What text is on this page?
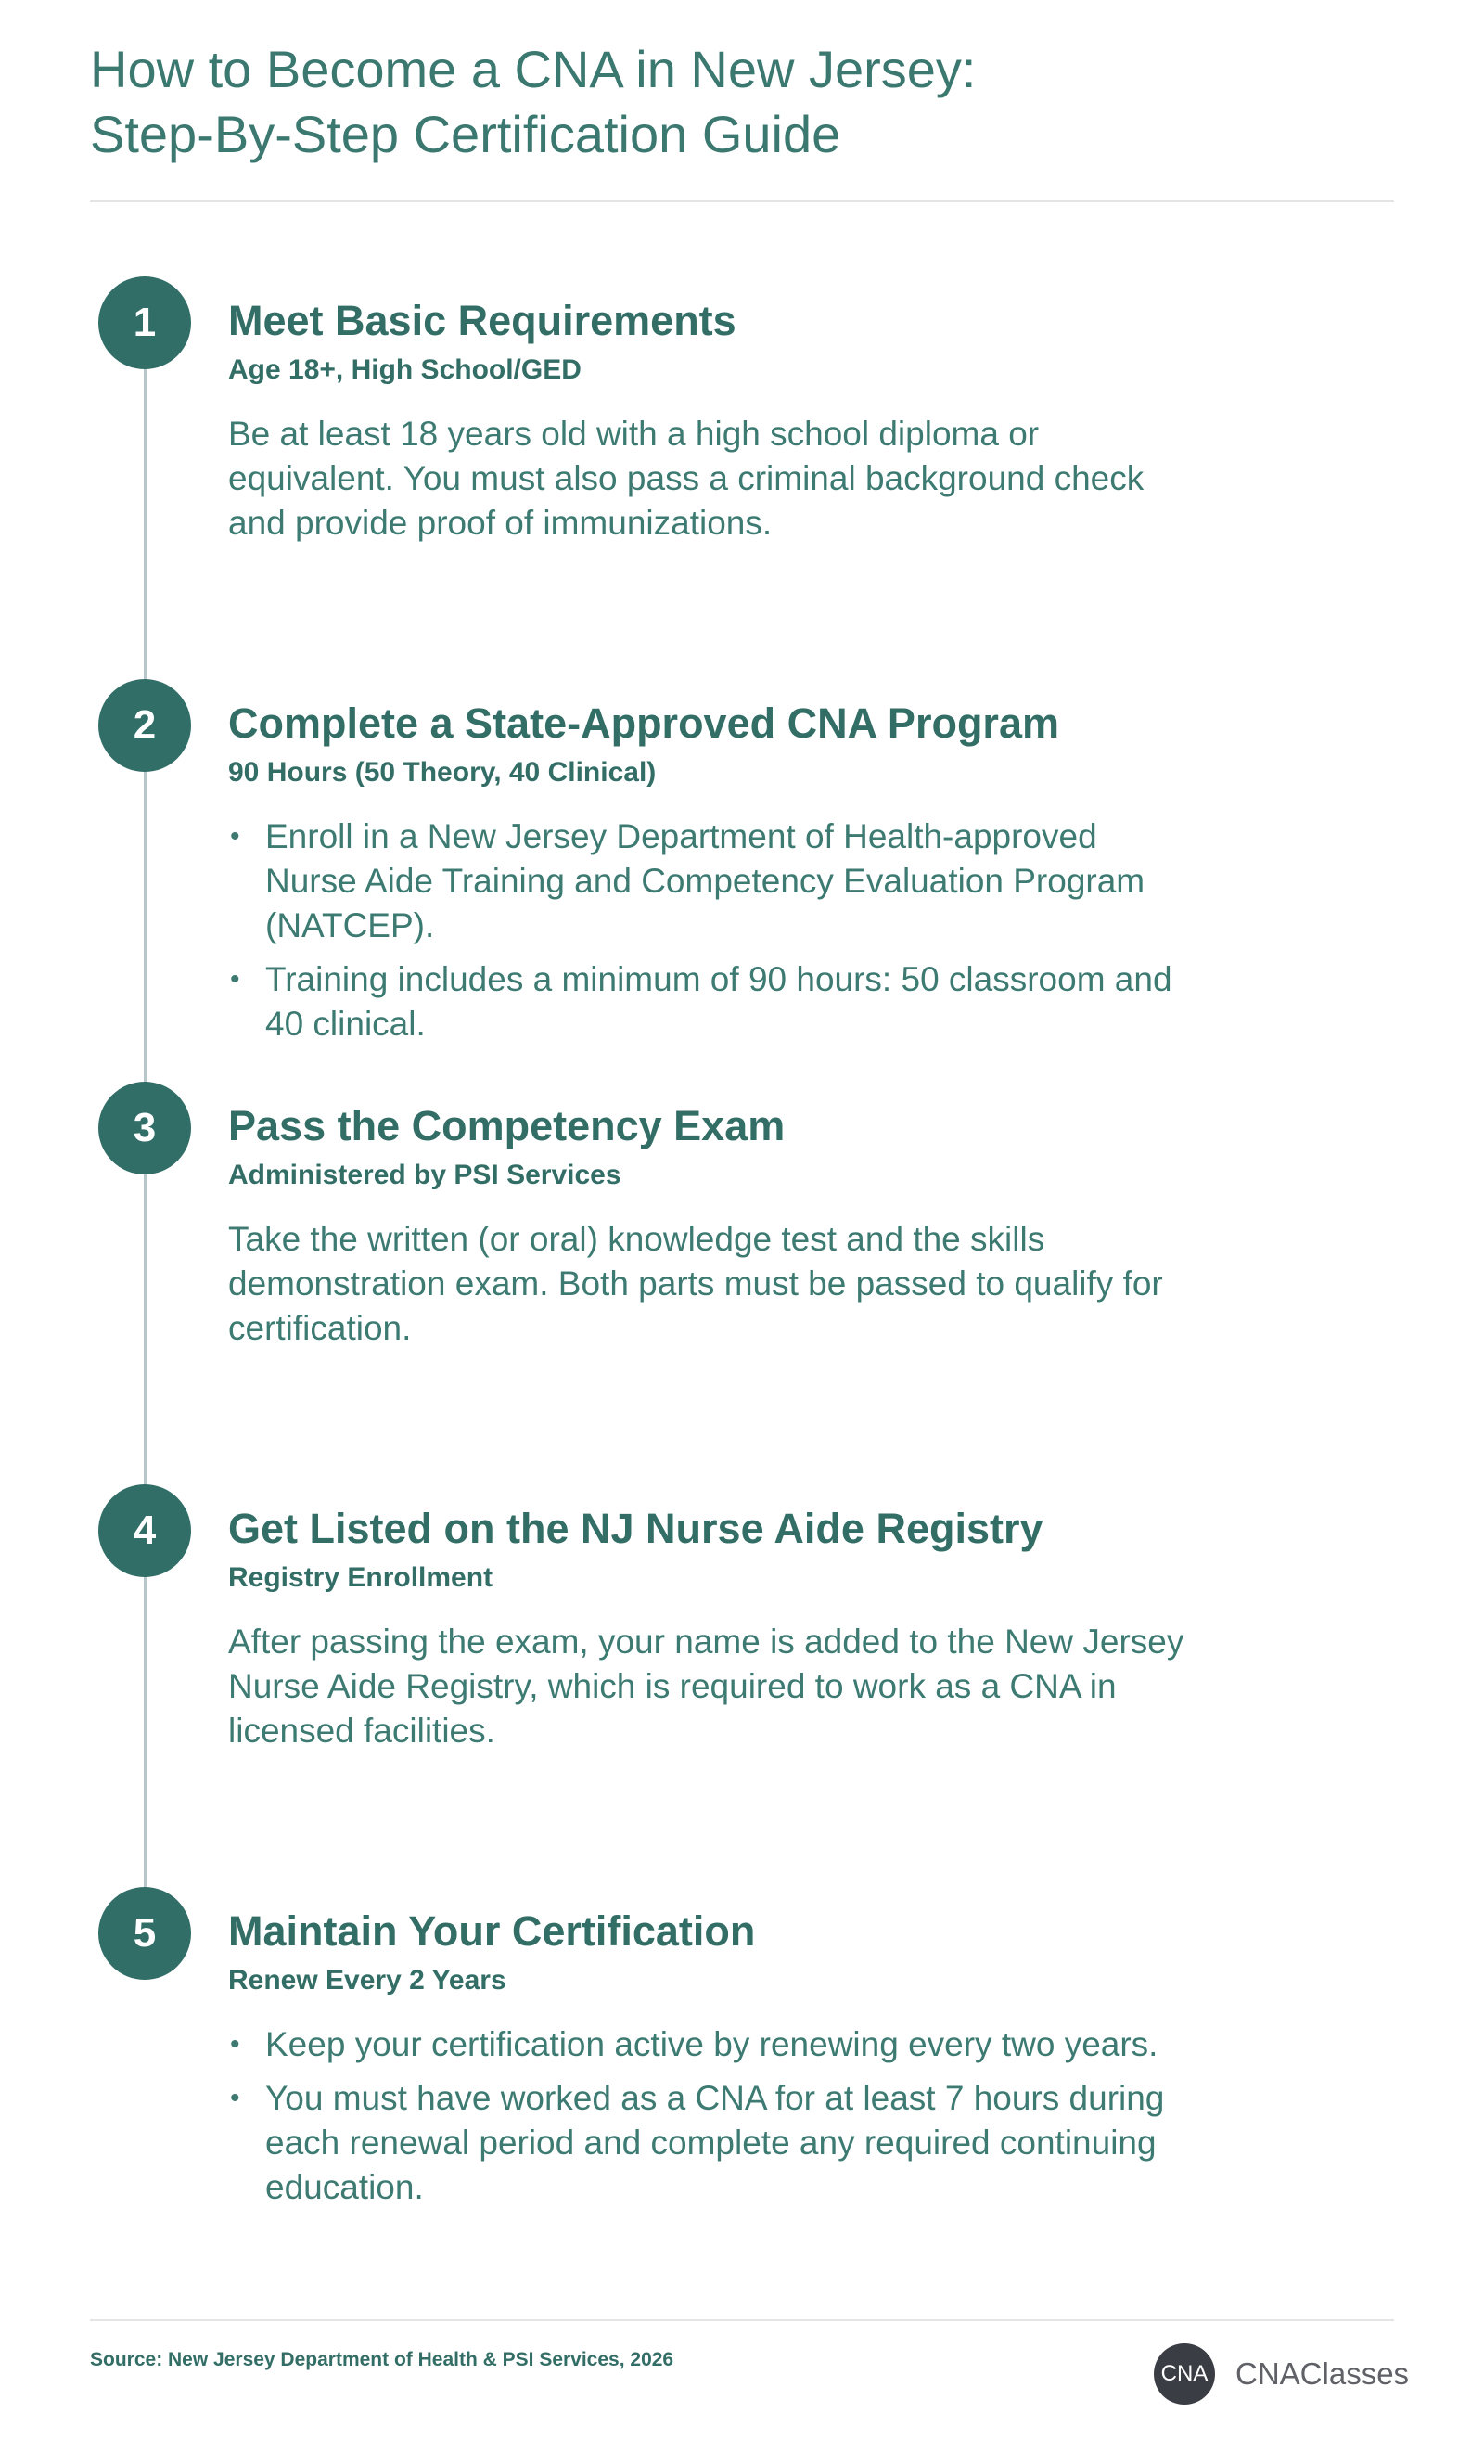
How to Become a CNA in New Jersey:
Step-By-Step Certification Guide
1	Meet Basic Requirements
Age 18+, High School/GED

Be at least 18 years old with a high school diploma or equivalent. You must also pass a criminal background check and provide proof of immunizations.

2	Complete a State-Approved CNA Program
90 Hours (50 Theory, 40 Clinical)
• Enroll in a New Jersey Department of Health-approved Nurse Aide Training and Competency Evaluation Program (NATCEP).
• Training includes a minimum of 90 hours: 50 classroom and 40 clinical.
3	Pass the Competency Exam
Administered by PSI Services

Take the written (or oral) knowledge test and the skills demonstration exam. Both parts must be passed to qualify for certification.

4	Get Listed on the NJ Nurse Aide Registry
Registry Enrollment

After passing the exam, your name is added to the New Jersey Nurse Aide Registry, which is required to work as a CNA in licensed facilities.

5	Maintain Your Certification
Renew Every 2 Years
• Keep your certification active by renewing every two years.
• You must have worked as a CNA for at least 7 hours during each renewal period and complete any required continuing education.
Source: New Jersey Department of Health & PSI Services, 2026
CNA CNAClasses
